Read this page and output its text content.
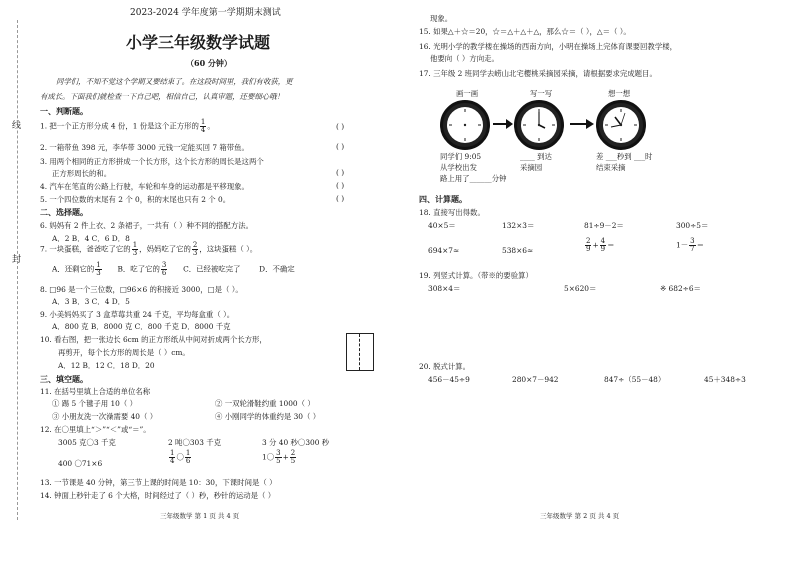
线
封
2023-2024 学年度第一学期期末测试
小学三年级数学试题
（60 分钟）
同学们，不知不觉这个学期又要结束了。在这段时间里，我们有收获，更
有成长。下面我们就检查一下自己吧，相信自己，认真审题，还要细心哦！
一、判断题。
1. 把一个正方形分成 4 份，1 份是这个正方形的 $\frac{1}{4}$ 。	( )
2. 一箱带鱼 398 元，李华带 3000 元钱一定能买回 7 箱带鱼。	( )
3. 用两个相同的正方形拼成一个长方形，这个长方形的周长是这两个
正方形周长的和。	( )
4. 汽车在笔直的公路上行驶，车轮和车身的运动都是平移现象。	( )
5. 一个四位数的末尾有 2 个 0，积的末尾也只有 2 个 0。	( )
二、选择题。
6. 妈妈有 2 件上衣、2 条裙子，一共有（ ）种不同的搭配方法。
A．2 B．4 C．6 D．8
7. 一块蛋糕，爸爸吃了它的 $\frac{1}{3}$ ，妈妈吃了它的 $\frac{2}{3}$ ，这块蛋糕（ ）。
A．还剩它的 $\frac{1}{3}$ B．吃了它的 $\frac{3}{6}$ C．已经被吃完了	D．不确定
8. □96 是一个三位数，□96×6 的积接近 3000，□是（ ）。
A．3 B．3 C．4 D．5
9. 小美妈妈买了 3 盒草莓共重 24 千克，平均每盒重（ ）。
A．800 克 B．8000 克 C．800 千克 D．8000 千克
10. 看右图，把一张边长 6cm 的正方形纸从中间对折成两个长方形，
再剪开，每个长方形的周长是（ ）cm。
A．12 B．12 C．18 D．20
三、填空题。
11. 在括号里填上合适的单位名称
① 踢 5 个毽子用 10（ ）	② 一双轮滑鞋约重 1000（ ）
③ 小朋友洗一次澡需要 40（ ）	④ 小刚同学的体重约是 30（ ）
12. 在〇里填上“＞”“＜”或“＝”。
3005 克〇3 千克	2 吨〇303 千克	3 分 40 秒〇300 秒
400 〇71×6	$\frac{1}{4}$ 〇 $\frac{1}{6}$	1〇 $\frac{3}{5} + \frac{2}{5}$
13. 一节课是 40 分钟，第三节上课的时间是 10：30，下课时间是（ ）
14. 钟面上秒针走了 6 个大格，时间经过了（ ）秒，秒针的运动是（ ）
三年级数学 第 1 页 共 4 页
现象。
15. 如果△＋☆＝20，☆＝△＋△＋△，那么☆＝（ ），△＝（ ）。
16. 光明小学的教学楼在操场的西南方向，小明在操场上完体育课要回教学楼，
他要向（ ）方向走。
17. 三年级 2 班同学去崂山北宅樱桃采摘园采摘，请根据要求完成题目。
画一画	写一写	想一想
同学们 9:05
从学校出发
路上用了______分钟
____ 到达
采摘园
差 ___秒到 ___时
结束采摘
四、计算题。
18. 直接写出得数。
40×5＝	132×3＝	81÷9－2＝	300÷5＝
694×7≈	538×6≈	$\frac{2}{9} + \frac{4}{9}$ ＝	$1- \frac{3}{7}$ ＝
19. 列竖式计算。（带※的要验算）
308×4＝	5×620＝	※ 682÷6＝
20. 脱式计算。
456－45÷9	280×7－942	847÷（55－48）	45＋348÷3
三年级数学 第 2 页 共 4 页
